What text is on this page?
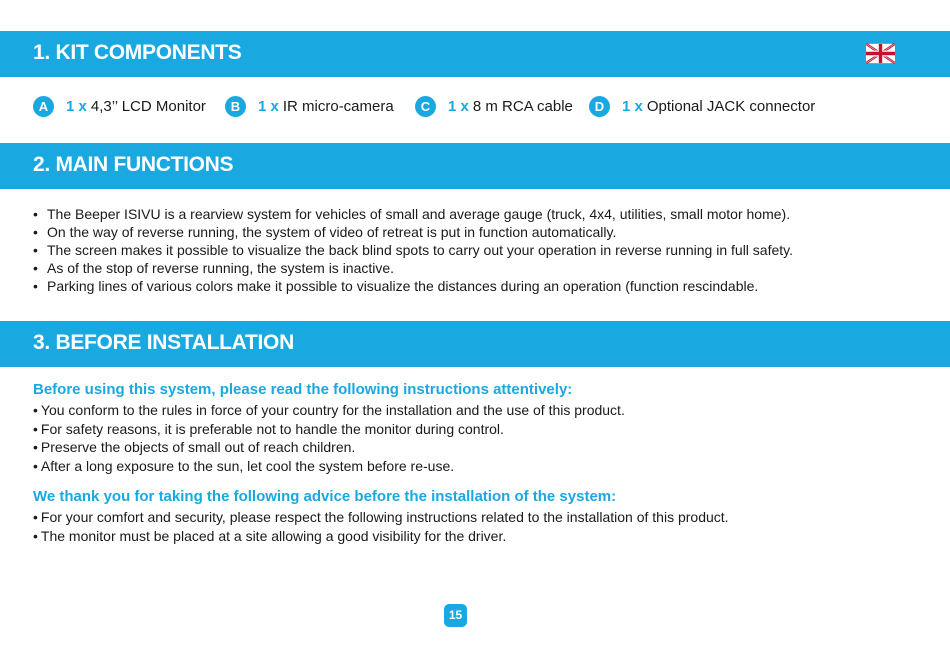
1. KIT COMPONENTS
A	1 x 4,3’’ LCD Monitor	B	1 x IR micro-camera	C	1 x 8 m RCA cable	D	1 x Optional JACK connector
2. MAIN FUNCTIONS
• The Beeper ISIVU is a rearview system for vehicles of small and average gauge (truck, 4x4, utilities, small motor home).
• On the way of reverse running, the system of video of retreat is put in function automatically.
• The screen makes it possible to visualize the back blind spots to carry out your operation in reverse running in full safety.
• As of the stop of reverse running, the system is inactive.
• Parking lines of various colors make it possible to visualize the distances during an operation (function rescindable.
3. BEFORE INSTALLATION
Before using this system, please read the following instructions attentively:
• You conform to the rules in force of your country for the installation and the use of this product.
• For safety reasons, it is preferable not to handle the monitor during control.
• Preserve the objects of small out of reach children.
• After a long exposure to the sun, let cool the system before re-use.
We thank you for taking the following advice before the installation of the system:
• For your comfort and security, please respect the following instructions related to the installation of this product.
• The monitor must be placed at a site allowing a good visibility for the driver.
15
